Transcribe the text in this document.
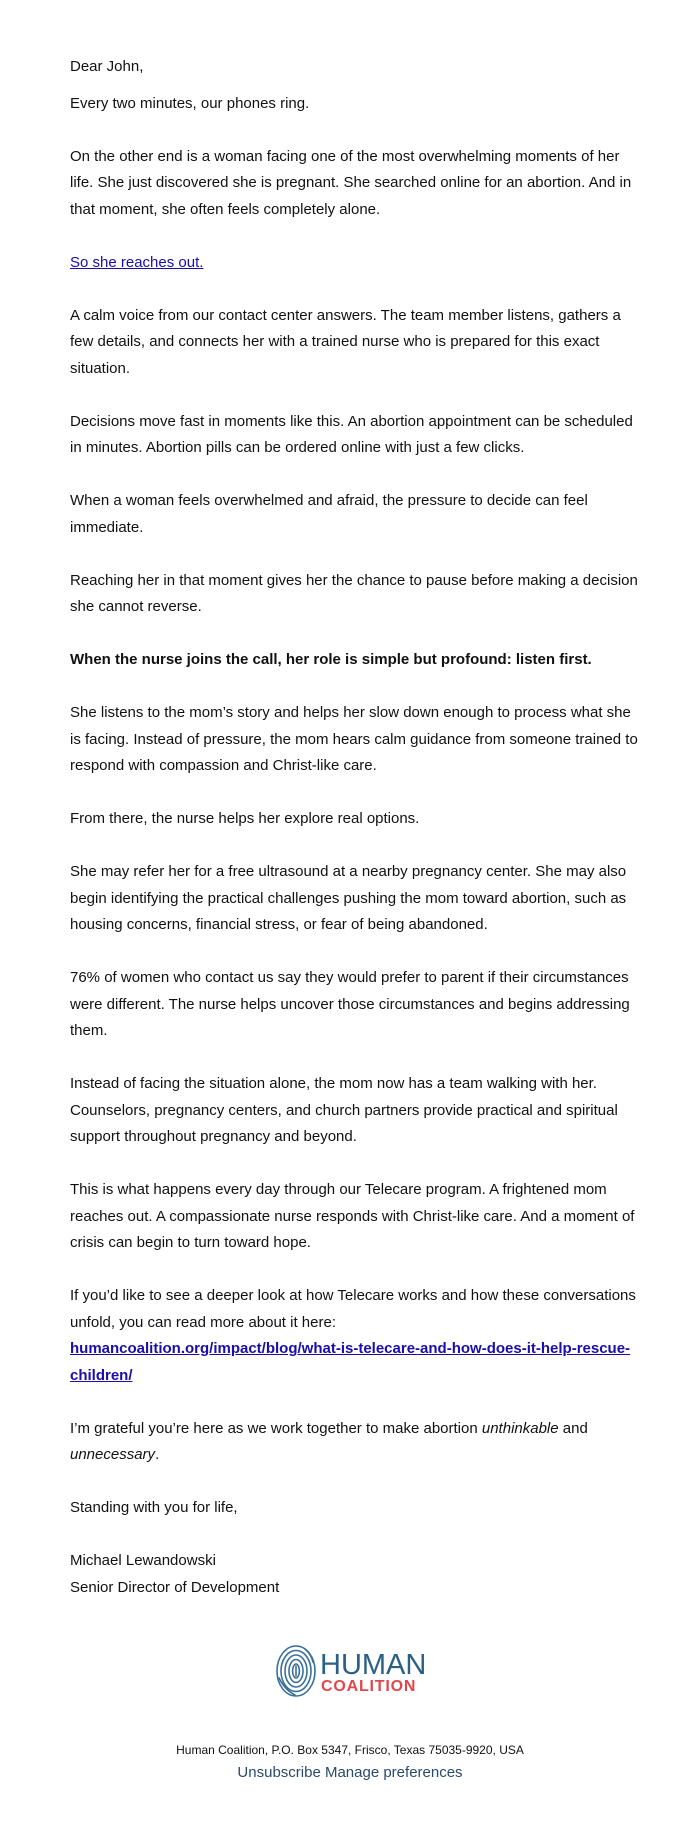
Dear John,

Every two minutes, our phones ring.

On the other end is a woman facing one of the most overwhelming moments of her life. She just discovered she is pregnant. She searched online for an abortion. And in that moment, she often feels completely alone.

So she reaches out.

A calm voice from our contact center answers. The team member listens, gathers a few details, and connects her with a trained nurse who is prepared for this exact situation.

Decisions move fast in moments like this. An abortion appointment can be scheduled in minutes. Abortion pills can be ordered online with just a few clicks.

When a woman feels overwhelmed and afraid, the pressure to decide can feel immediate.

Reaching her in that moment gives her the chance to pause before making a decision she cannot reverse.

When the nurse joins the call, her role is simple but profound: listen first.

She listens to the mom’s story and helps her slow down enough to process what she is facing. Instead of pressure, the mom hears calm guidance from someone trained to respond with compassion and Christ-like care.

From there, the nurse helps her explore real options.

She may refer her for a free ultrasound at a nearby pregnancy center. She may also begin identifying the practical challenges pushing the mom toward abortion, such as housing concerns, financial stress, or fear of being abandoned.

76% of women who contact us say they would prefer to parent if their circumstances were different. The nurse helps uncover those circumstances and begins addressing them.

Instead of facing the situation alone, the mom now has a team walking with her. Counselors, pregnancy centers, and church partners provide practical and spiritual support throughout pregnancy and beyond.

This is what happens every day through our Telecare program. A frightened mom reaches out. A compassionate nurse responds with Christ-like care. And a moment of crisis can begin to turn toward hope.

If you’d like to see a deeper look at how Telecare works and how these conversations unfold, you can read more about it here:
humancoalition.org/impact/blog/what-is-telecare-and-how-does-it-help-rescue-children/

I’m grateful you’re here as we work together to make abortion unthinkable and unnecessary.

Standing with you for life,

Michael Lewandowski

Senior Director of Development

HUMAN
COALITION
Human Coalition, P.O. Box 5347, Frisco, Texas 75035-9920, USA
Unsubscribe Manage preferences
